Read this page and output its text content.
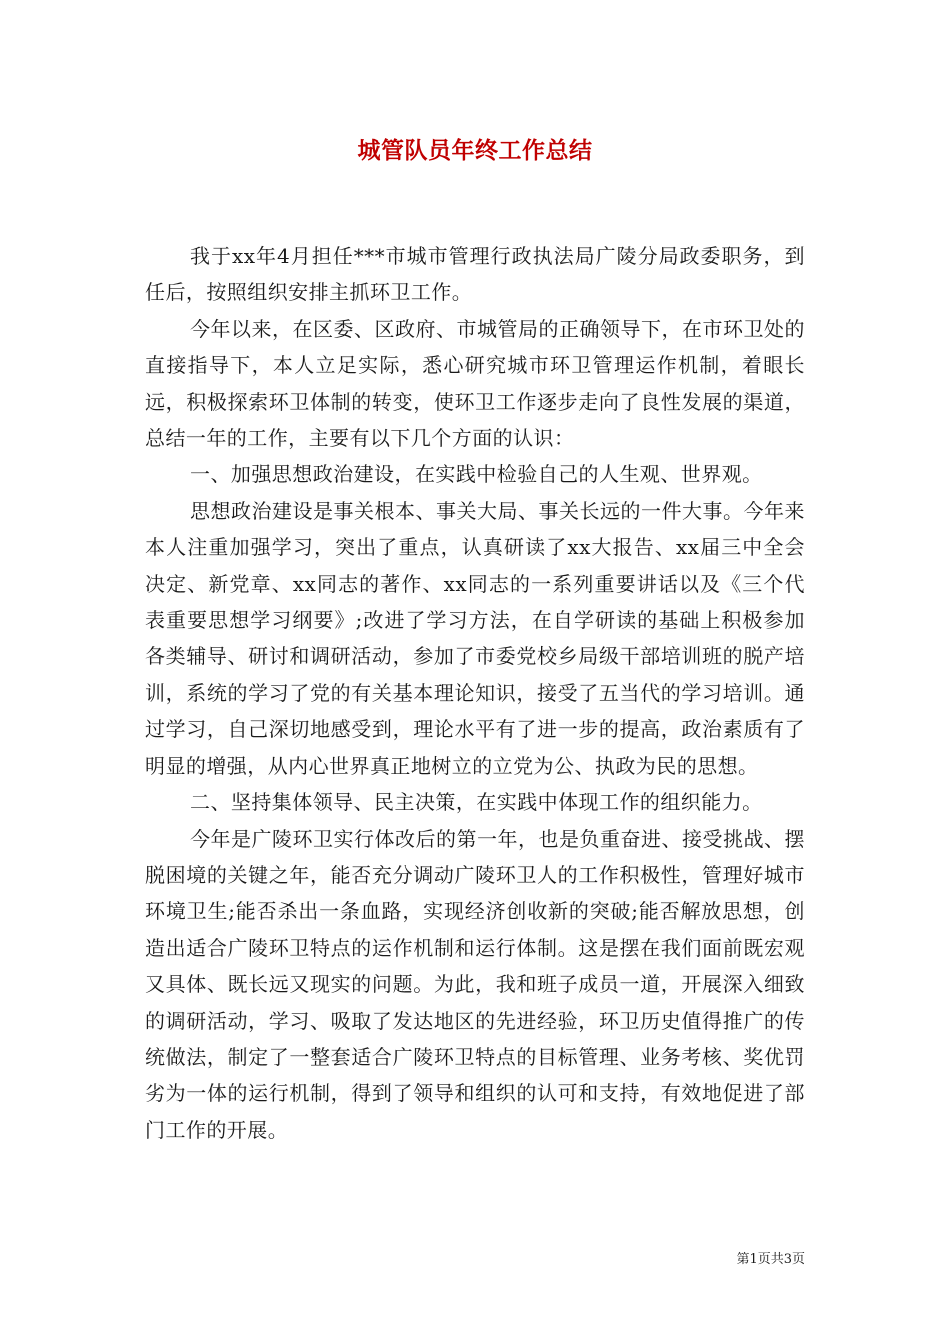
城管队员年终工作总结

我于xx年4月担任***市城市管理行政执法局广陵分局政委职务，到任后，按照组织安排主抓环卫工作。

今年以来，在区委、区政府、市城管局的正确领导下，在市环卫处的直接指导下，本人立足实际，悉心研究城市环卫管理运作机制，着眼长远，积极探索环卫体制的转变，使环卫工作逐步走向了良性发展的渠道，总结一年的工作，主要有以下几个方面的认识：

一、加强思想政治建设，在实践中检验自己的人生观、世界观。

思想政治建设是事关根本、事关大局、事关长远的一件大事。今年来本人注重加强学习，突出了重点，认真研读了xx大报告、xx届三中全会决定、新党章、xx同志的著作、xx同志的一系列重要讲话以及《三个代表重要思想学习纲要》;改进了学习方法，在自学研读的基础上积极参加各类辅导、研讨和调研活动，参加了市委党校乡局级干部培训班的脱产培训，系统的学习了党的有关基本理论知识，接受了五当代的学习培训。通过学习，自己深切地感受到，理论水平有了进一步的提高，政治素质有了明显的增强，从内心世界真正地树立的立党为公、执政为民的思想。

二、坚持集体领导、民主决策，在实践中体现工作的组织能力。

今年是广陵环卫实行体改后的第一年，也是负重奋进、接受挑战、摆脱困境的关键之年，能否充分调动广陵环卫人的工作积极性，管理好城市环境卫生;能否杀出一条血路，实现经济创收新的突破;能否解放思想，创造出适合广陵环卫特点的运作机制和运行体制。这是摆在我们面前既宏观又具体、既长远又现实的问题。为此，我和班子成员一道，开展深入细致的调研活动，学习、吸取了发达地区的先进经验，环卫历史值得推广的传统做法，制定了一整套适合广陵环卫特点的目标管理、业务考核、奖优罚劣为一体的运行机制，得到了领导和组织的认可和支持，有效地促进了部门工作的开展。

第1页共3页
